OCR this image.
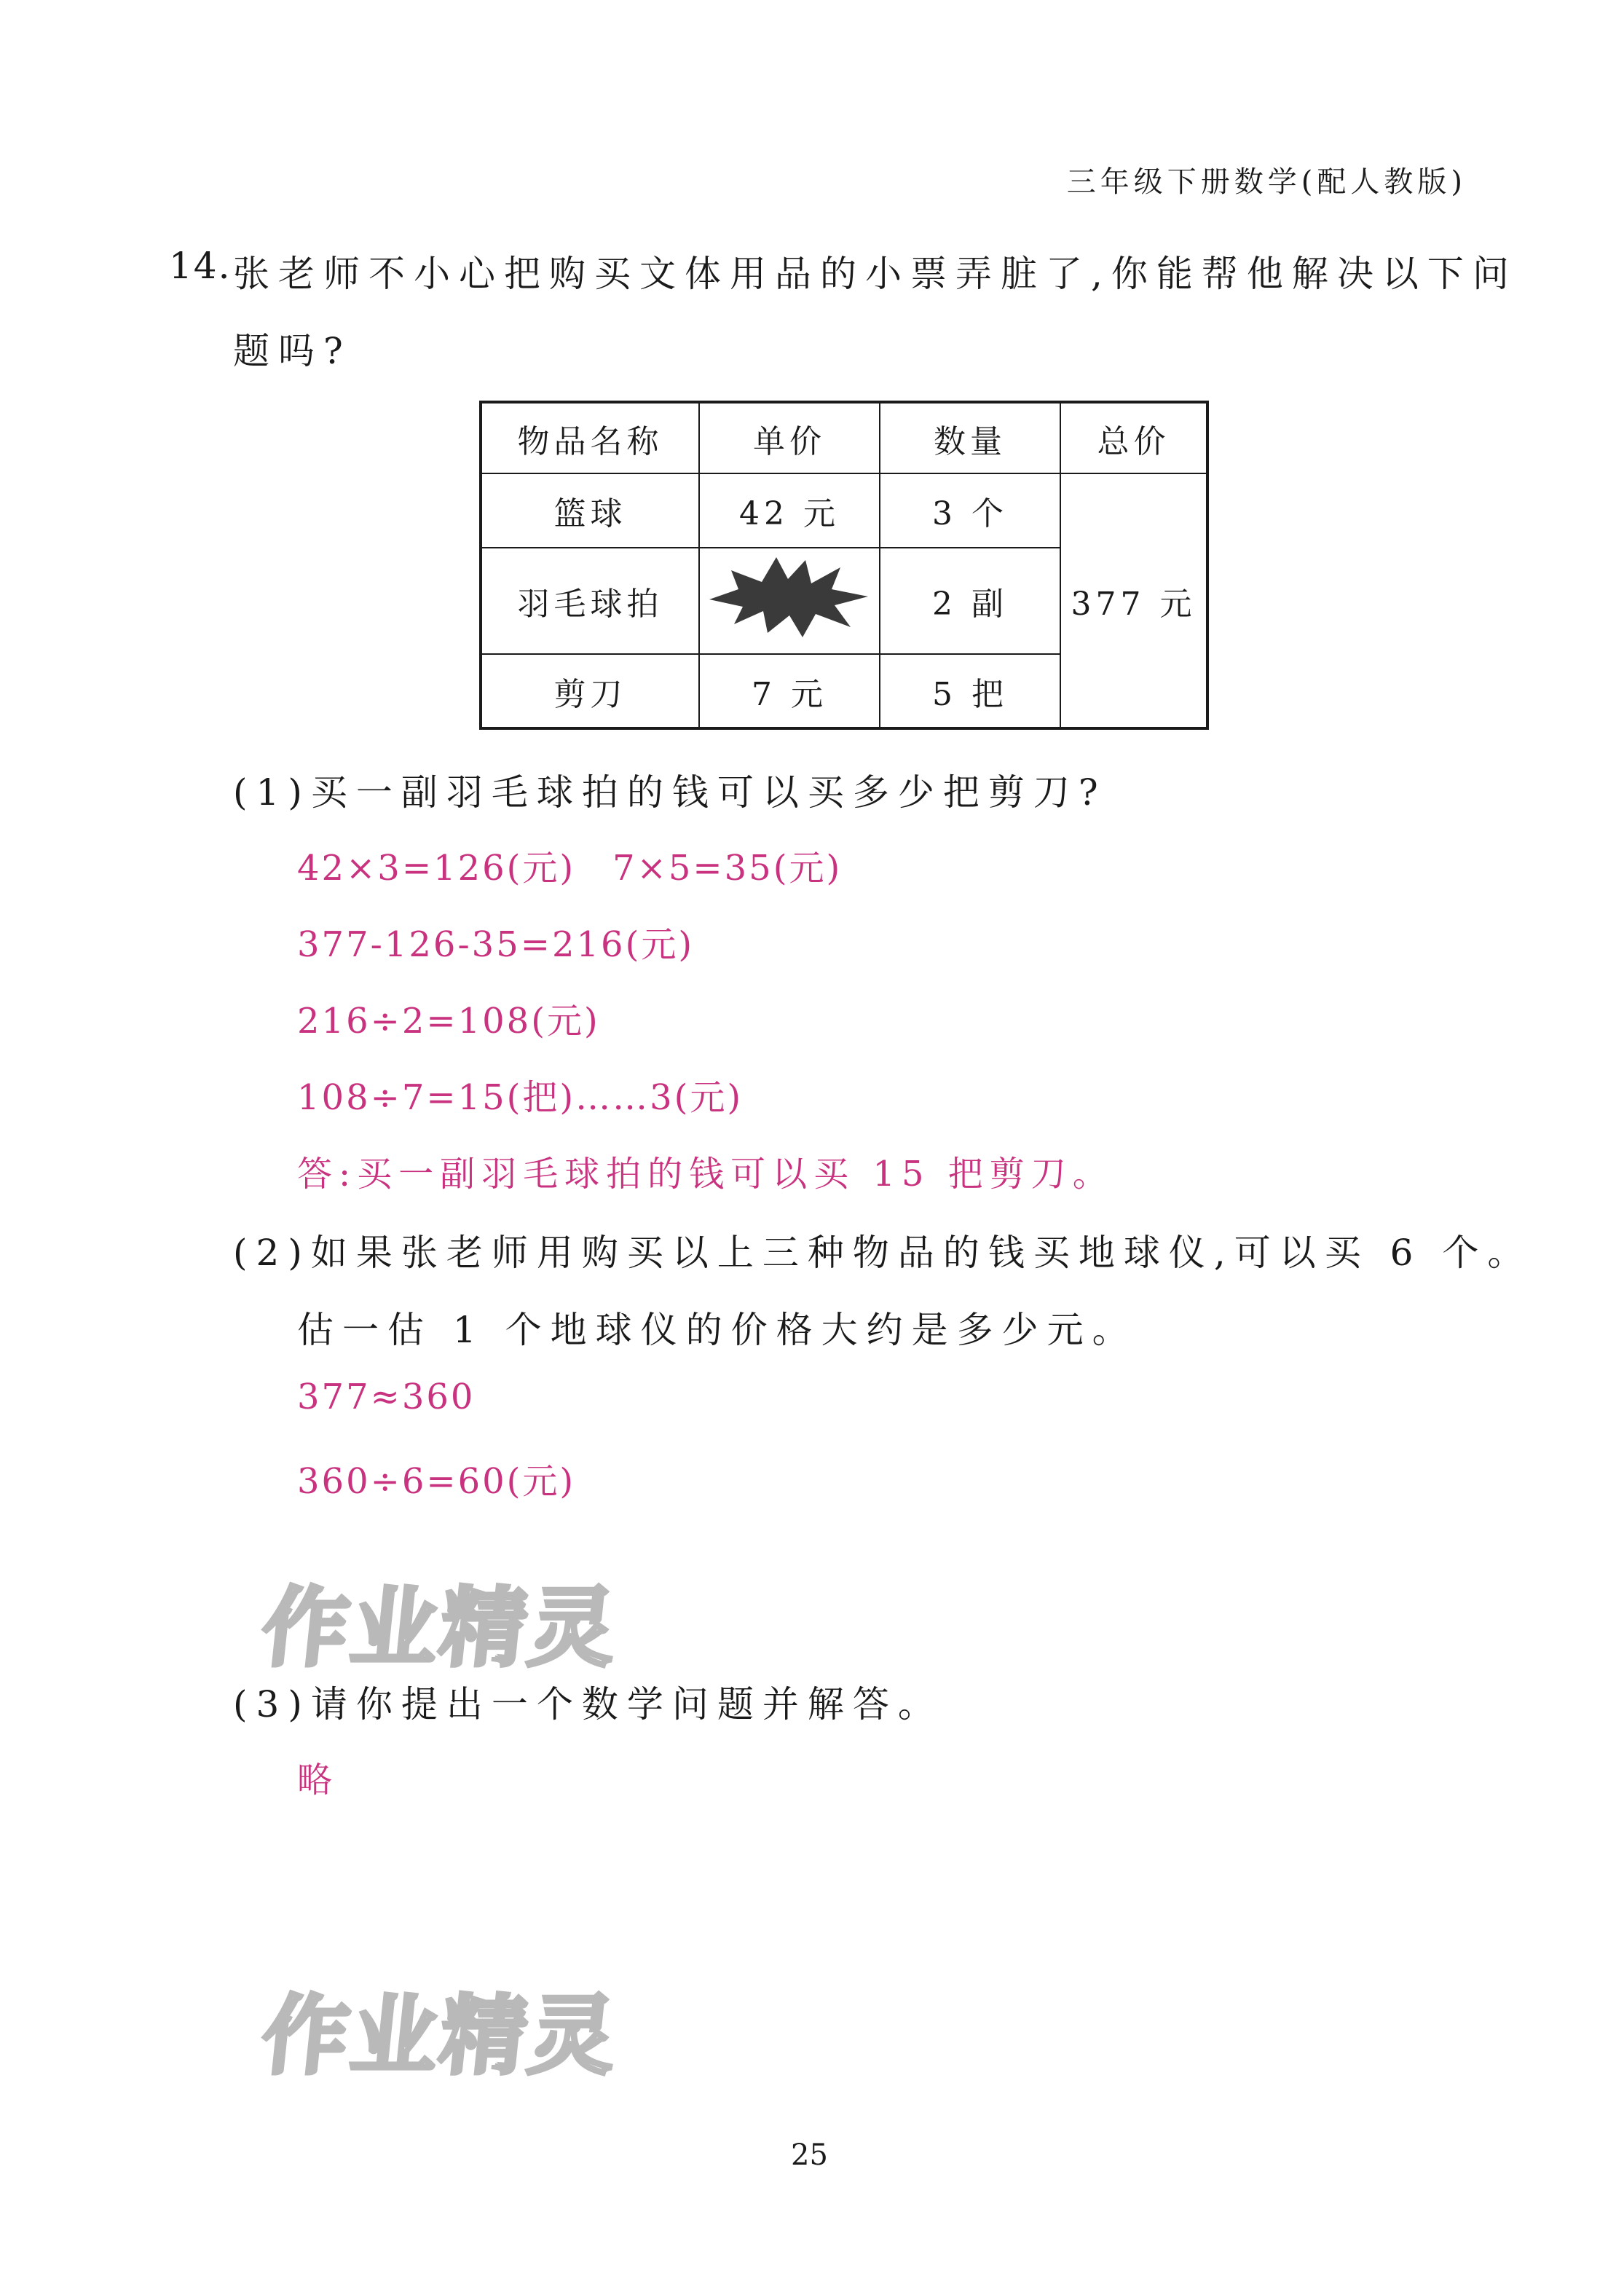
三年级下册数学(配人教版)
14. 张老师不小心把购买文体用品的小票弄脏了,你能帮他解决以下问
题吗?
物品名称	单价	数量	总价
篮球	42 元	3 个	377 元
羽毛球拍		2 副	
剪刀	7 元	5 把	
(1)买一副羽毛球拍的钱可以买多少把剪刀?
42×3=126(元)　7×5=35(元)
377-126-35=216(元)
216÷2=108(元)
108÷7=15(把)……3(元)
答:买一副羽毛球拍的钱可以买 15 把剪刀。
(2)如果张老师用购买以上三种物品的钱买地球仪,可以买 6 个。
估一估 1 个地球仪的价格大约是多少元。
377≈360
360÷6=60(元)
作业精灵
(3)请你提出一个数学问题并解答。
略
作业精灵
25
